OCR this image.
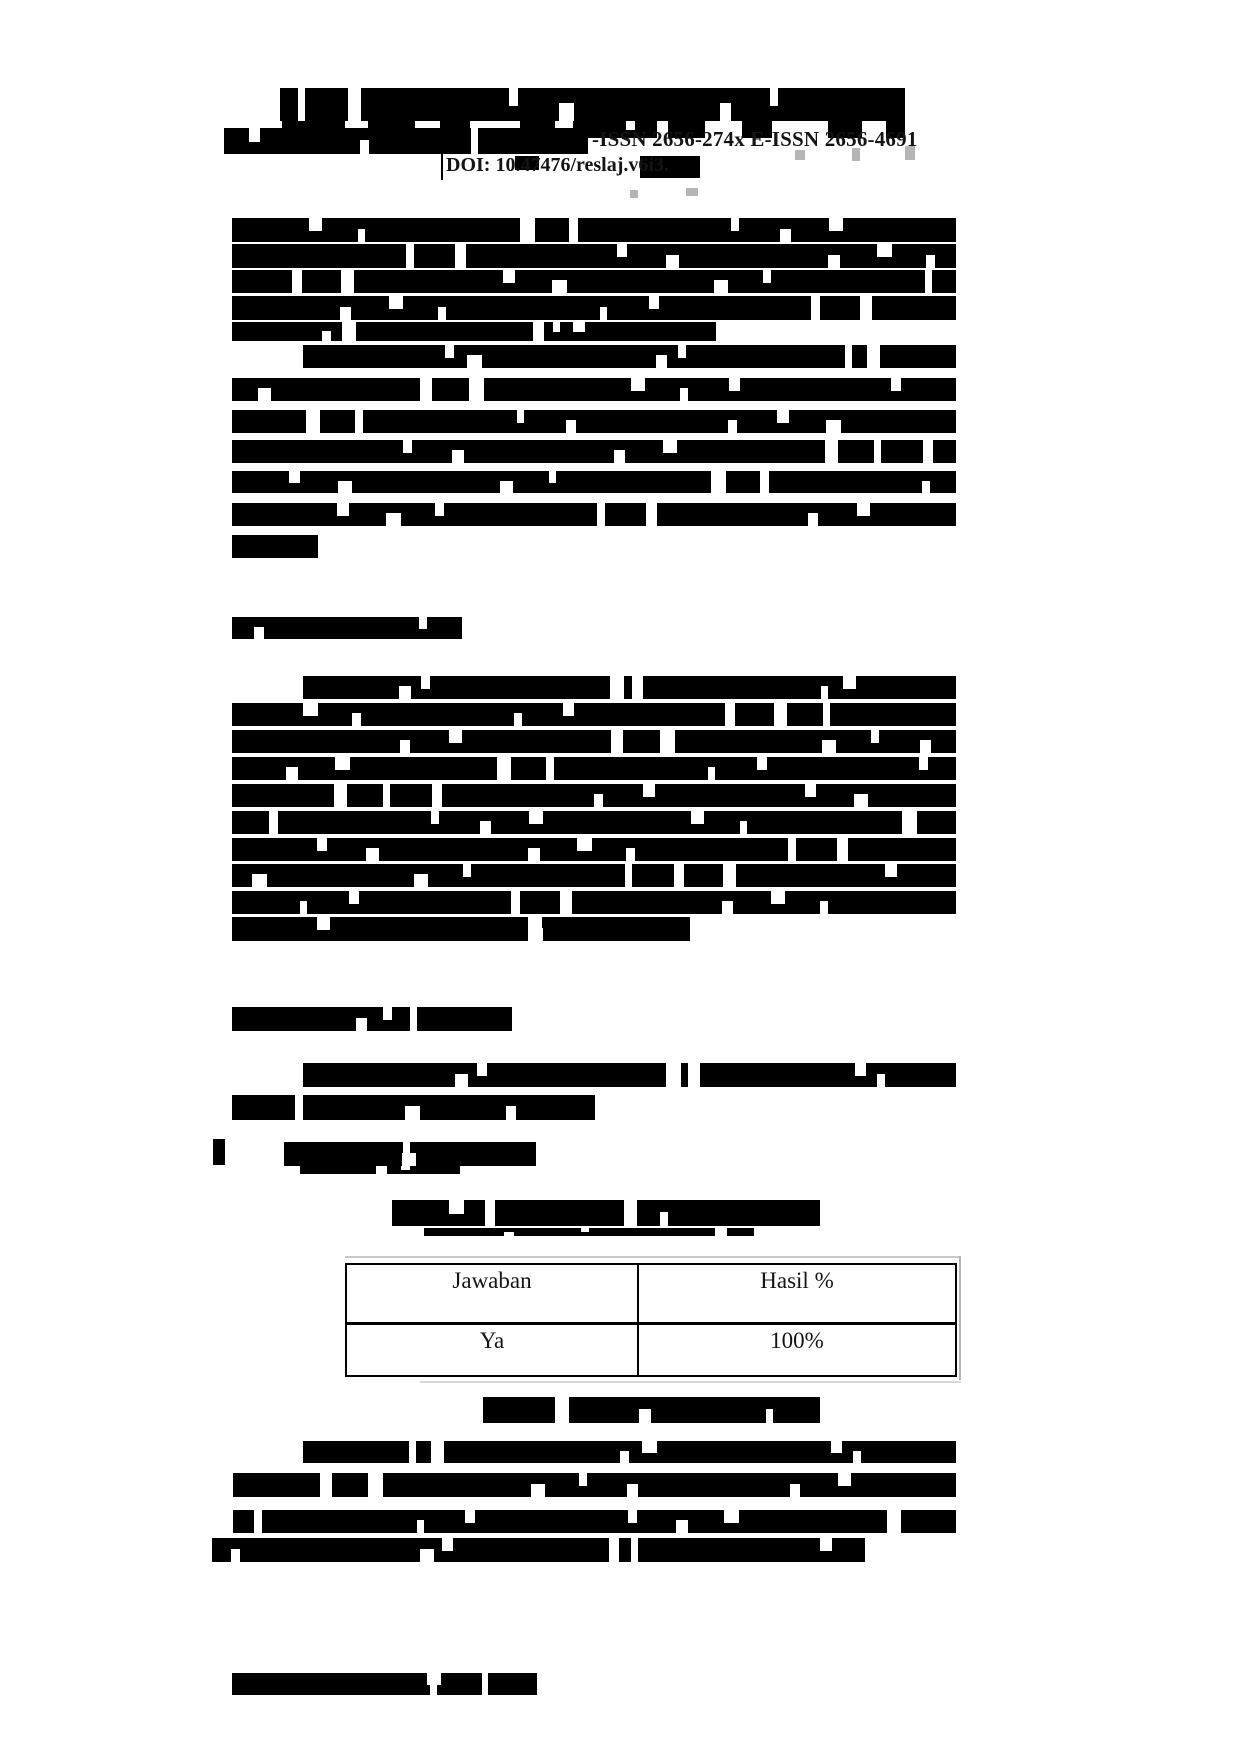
-ISSN 2656-274x E-ISSN 2656-4691
DOI: 10.47476/reslaj.v6i3.
Jawaban	Hasil %
Ya	100%
